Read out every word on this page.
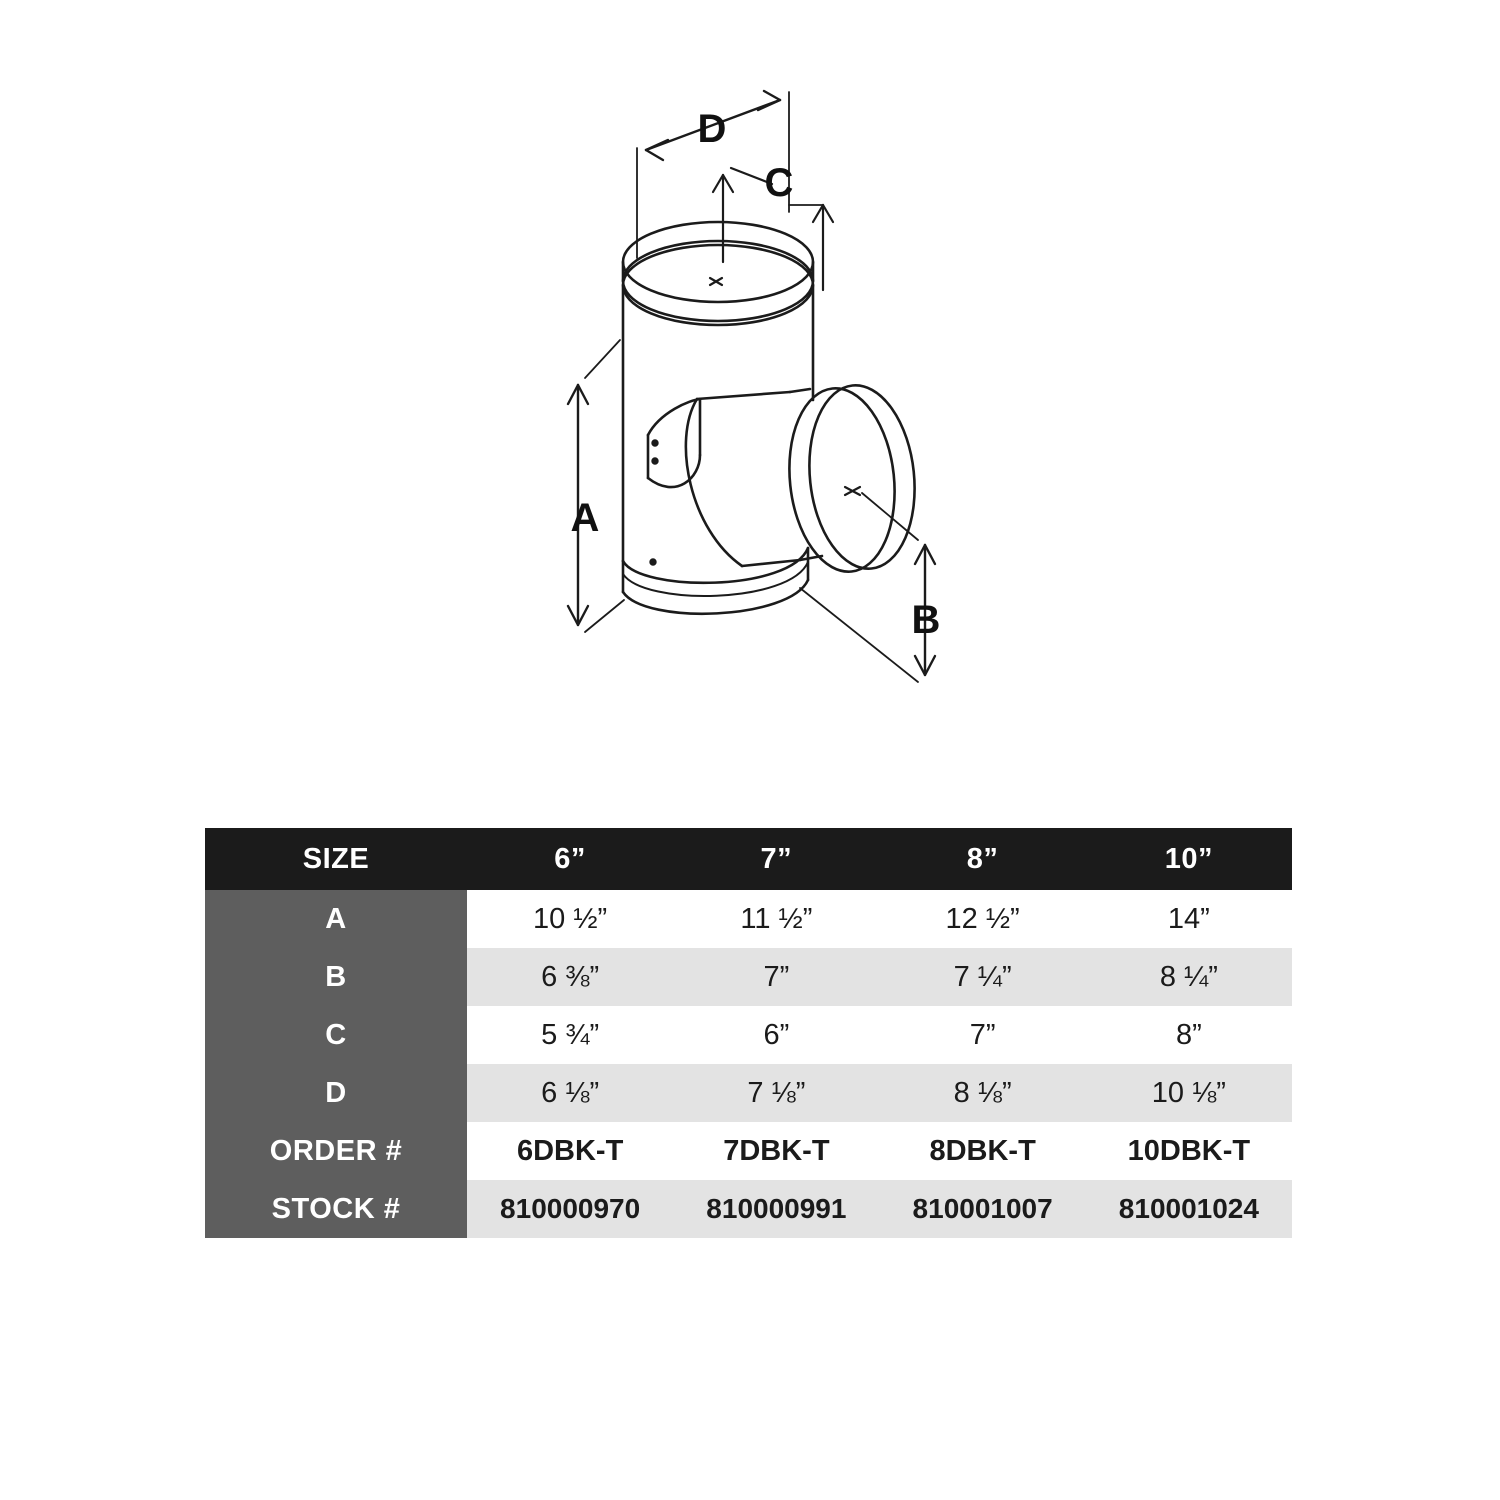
D
C
A
B
SIZE	6”	7”	8”	10”
A	10 ½”	11 ½”	12 ½”	14”
B	6 ⅜”	7”	7 ¼”	8 ¼”
C	5 ¾”	6”	7”	8”
D	6 ⅛”	7 ⅛”	8 ⅛”	10 ⅛”
ORDER #	6DBK-T	7DBK-T	8DBK-T	10DBK-T
STOCK #	810000970	810000991	810001007	810001024
